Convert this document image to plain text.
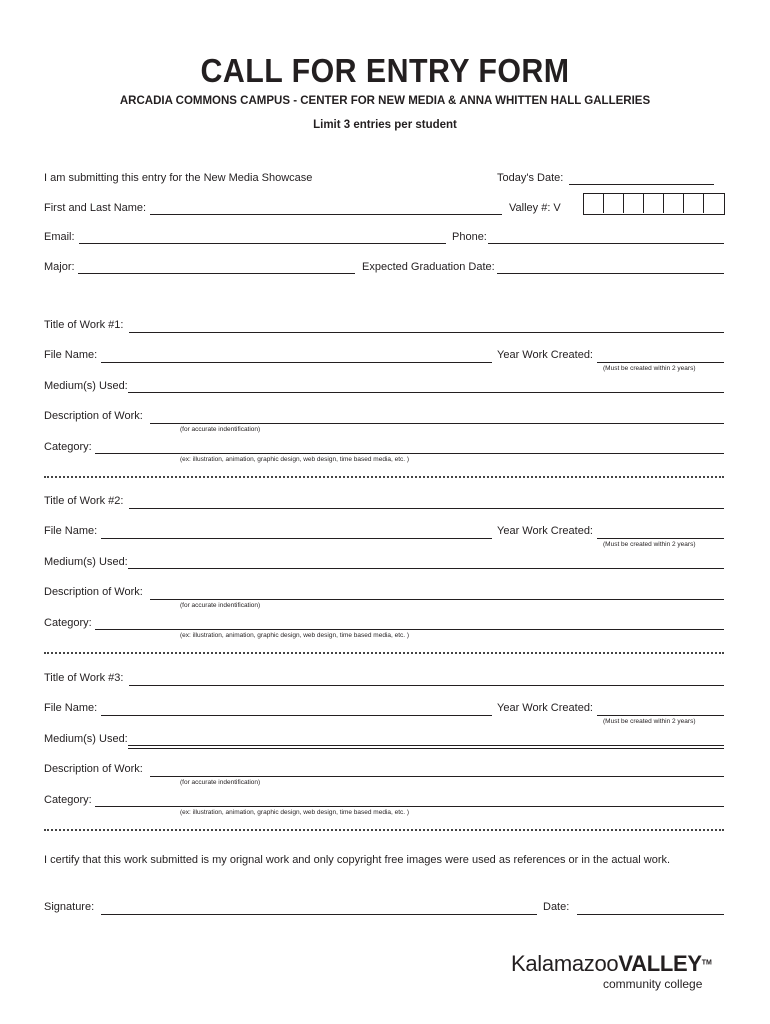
CALL FOR ENTRY FORM
ARCADIA COMMONS CAMPUS - CENTER FOR NEW MEDIA & ANNA WHITTEN HALL GALLERIES
Limit 3 entries per student
I am submitting this entry for the New Media Showcase	Today's Date:
First and Last Name:	Valley #: V
Email:	Phone:
Major:	Expected Graduation Date:
Title of Work #1:
File Name:	Year Work Created:
(Must be created within 2 years)
Medium(s) Used:
Description of Work:
(for accurate indentification)
Category:
(ex: illustration, animation, graphic design, web design, time based media, etc. )
Title of Work #2:
File Name:	Year Work Created:
(Must be created within 2 years)
Medium(s) Used:
Description of Work:
(for accurate indentification)
Category:
(ex: illustration, animation, graphic design, web design, time based media, etc. )
Title of Work #3:
File Name:	Year Work Created:
(Must be created within 2 years)
Medium(s) Used:
Description of Work:
(for accurate indentification)
Category:
(ex: illustration, animation, graphic design, web design, time based media, etc. )
I certify that this work submitted is my orignal work and only copyright free images were used as references or in the actual work.
Signature:	Date:
KalamazooVALLEY™
community college
